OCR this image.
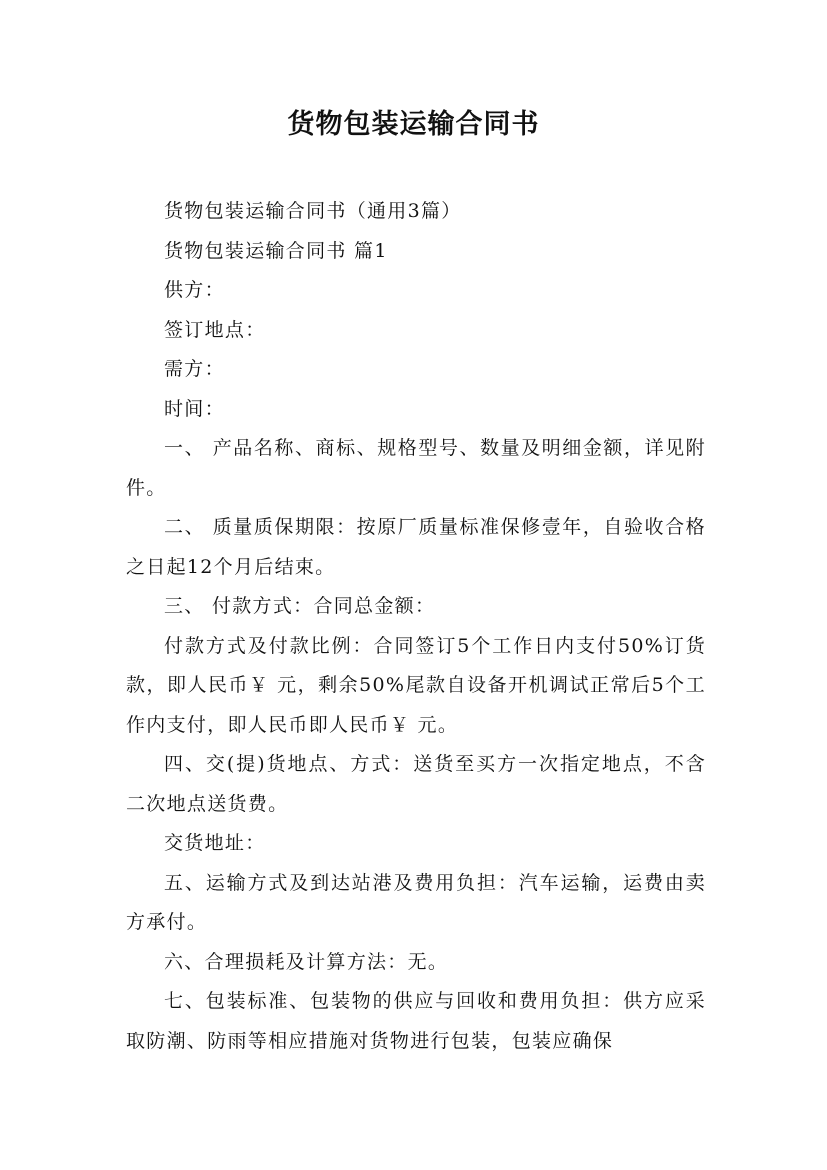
货物包装运输合同书

货物包装运输合同书（通用3篇）

货物包装运输合同书 篇1

供方：

签订地点：

需方：

时间：

一、 产品名称、商标、规格型号、数量及明细金额，详见附件。

二、 质量质保期限：按原厂质量标准保修壹年，自验收合格之日起12个月后结束。

三、 付款方式：合同总金额：

付款方式及付款比例：合同签订5个工作日内支付50%订货款，即人民币￥ 元，剩余50%尾款自设备开机调试正常后5个工作内支付，即人民币即人民币￥ 元。

四、交(提)货地点、方式：送货至买方一次指定地点，不含二次地点送货费。

交货地址：

五、运输方式及到达站港及费用负担：汽车运输，运费由卖方承付。

六、合理损耗及计算方法：无。

七、包装标准、包装物的供应与回收和费用负担：供方应采取防潮、防雨等相应措施对货物进行包装，包装应确保
